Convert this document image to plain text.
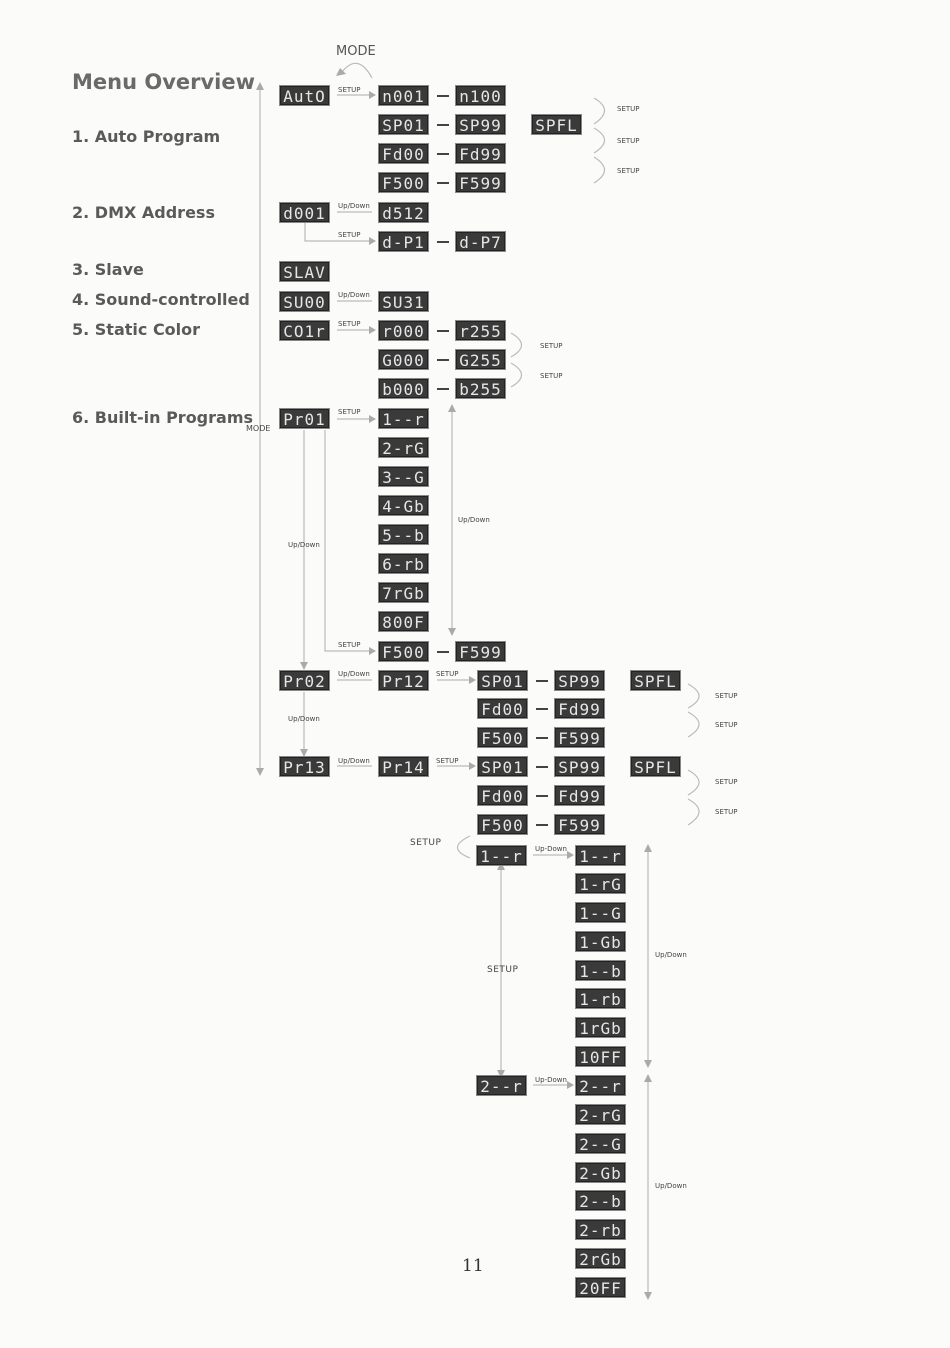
Menu Overview
MODE
MODE
1. Auto Program
2. DMX Address
3. Slave
4. Sound-controlled
5. Static Color
6. Built-in Programs
AutO	SETUP n001 n100
SP01 SP99 SPFL
Fd00 Fd99
F500 F599
SETUP
SETUP
SETUP
d001	Up/Down d512
SETUP d-P1 d-P7
SLAV
SU00	Up/Down SU31
CO1r	SETUP r000 r255
G000 G255
b000 b255
SETUP
SETUP
Pr01	SETUP 1--r
2-rG
3--G
4-Gb
5--b
6-rb
7rGb
800F
Up/Down
Up/Down
SETUP F500 F599
Pr02	Up/Down Pr12	SETUP SP01 SP99 SPFL
Fd00 Fd99
F500 F599
SETUP
SETUP
Up/Down
Pr13	Up/Down Pr14	SETUP SP01 SP99 SPFL
Fd00 Fd99
F500 F599
SETUP
SETUP
SETUP
1--r	Up-Down 1--r
1-rG
1--G
1-Gb
1--b
1-rb
1rGb
10FF
SETUP
Up/Down
2--r	Up-Down 2--r
2-rG
2--G
2-Gb
2--b
2-rb
2rGb
20FF
Up/Down
11
